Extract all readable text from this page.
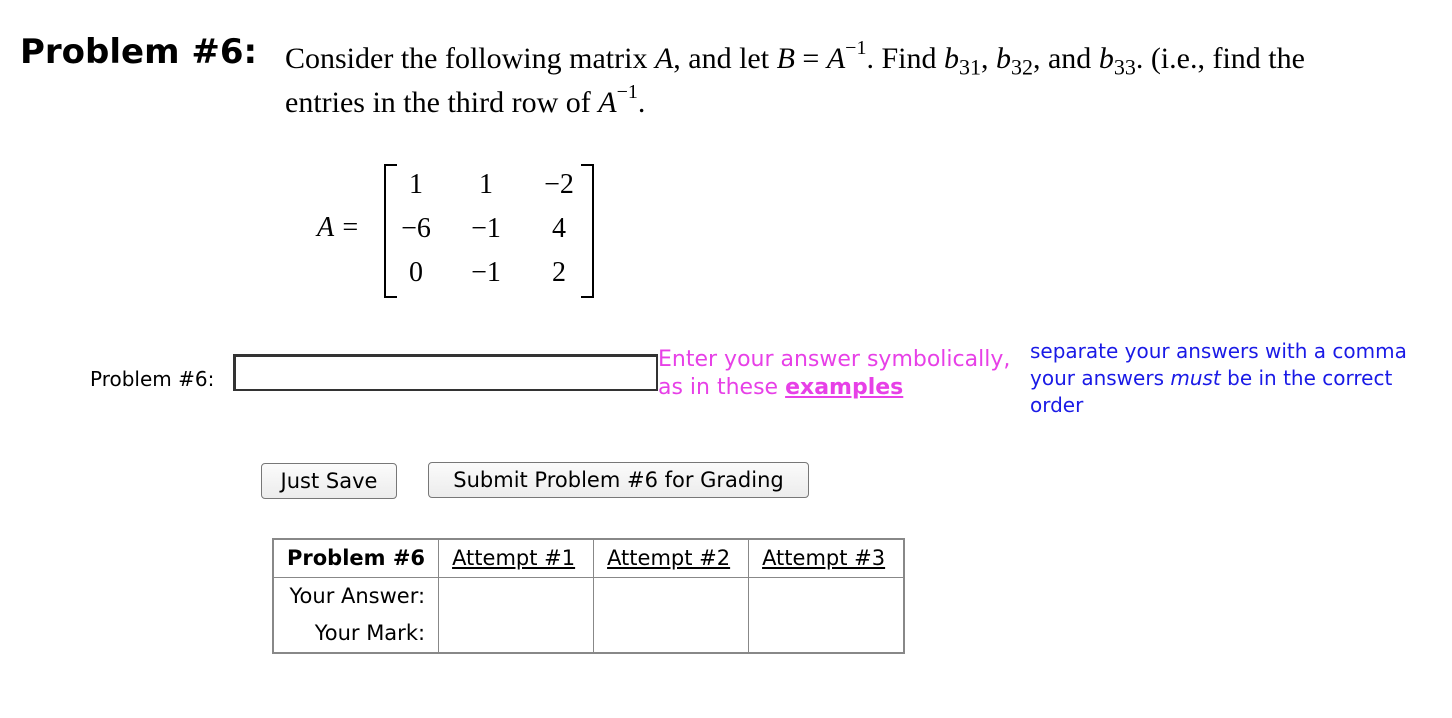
Problem #6: Consider the following matrix A, and let $B = A^{-1}$. Find $b_{31}$, $b_{32}$, and $b_{33}$. (i.e., find the
entries in the third row of $A^{-1}$.
A =
1	1	−2
−6	−1	4
0	−1	2
Problem #6:
Enter your answer symbolically,
as in these examples
separate your answers with a comma
your answers must be in the correct
order
Just Save	Submit Problem #6 for Grading
Problem #6	Attempt #1	Attempt #2	Attempt #3
Your Answer:			
Your Mark:			
